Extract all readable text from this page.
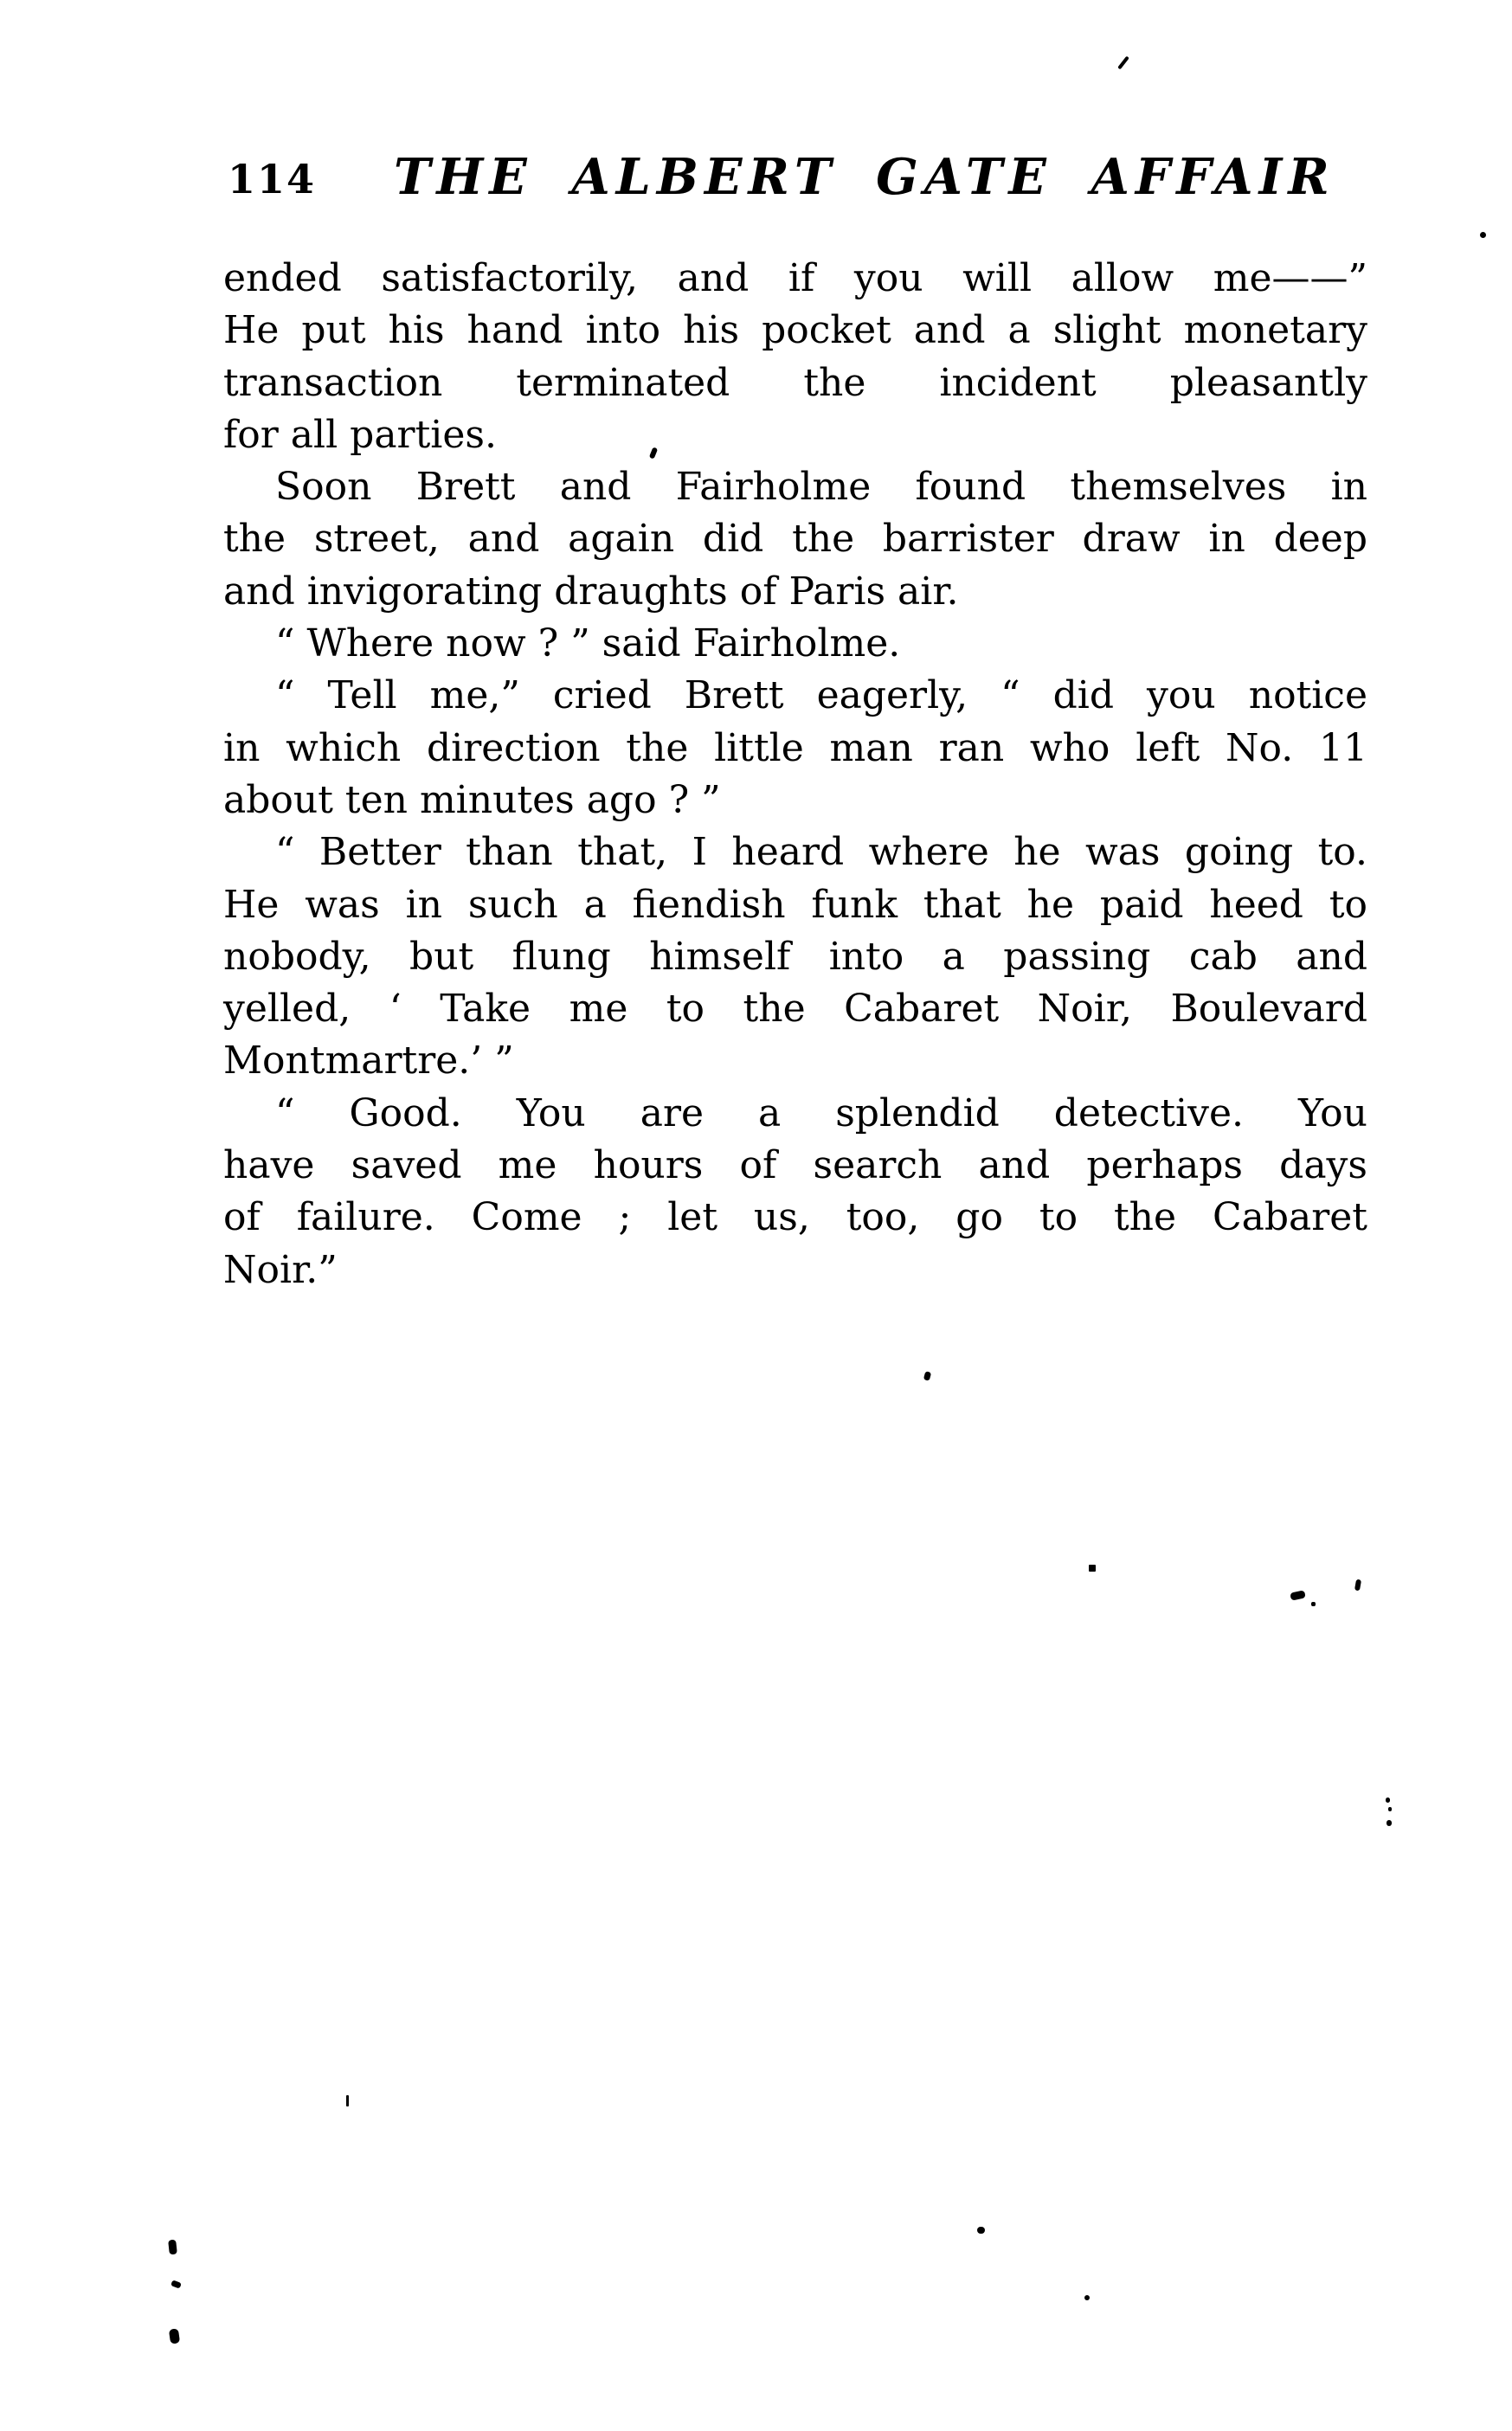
114 THE ALBERT GATE AFFAIR
ended satisfactorily, and if you will allow me——”
He put his hand into his pocket and a slight monetary
transaction terminated the incident pleasantly
for all parties.
Soon Brett and Fairholme found themselves in
the street, and again did the barrister draw in deep
and invigorating draughts of Paris air.
“ Where now ? ” said Fairholme.
“ Tell me,” cried Brett eagerly, “ did you notice
in which direction the little man ran who left No. 11
about ten minutes ago ? ”
“ Better than that, I heard where he was going to.
He was in such a fiendish funk that he paid heed to
nobody, but flung himself into a passing cab and
yelled, ‘ Take me to the Cabaret Noir, Boulevard
Montmartre.’ ”
“ Good. You are a splendid detective. You
have saved me hours of search and perhaps days
of failure. Come ; let us, too, go to the Cabaret
Noir.”
